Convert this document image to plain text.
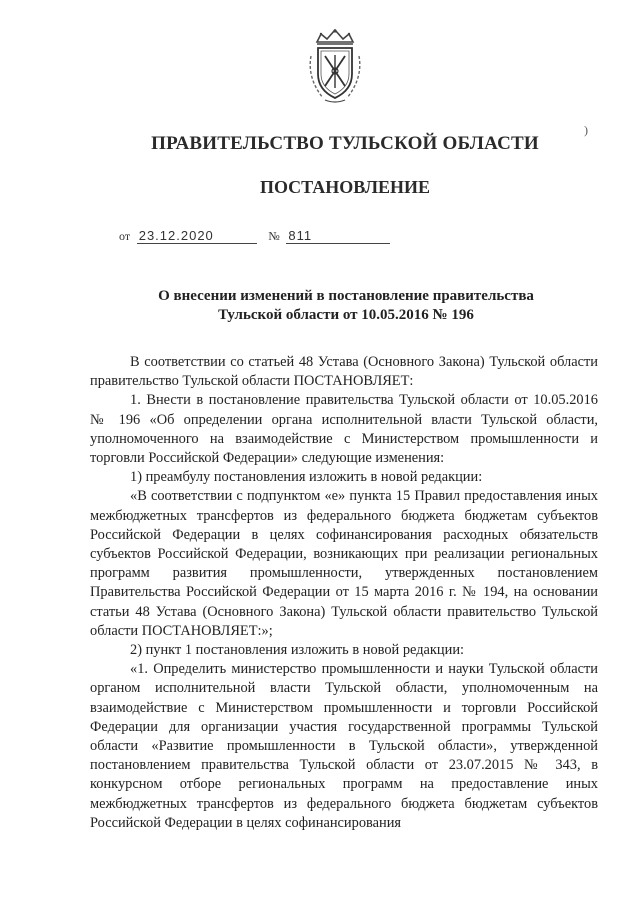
ПРАВИТЕЛЬСТВО ТУЛЬСКОЙ ОБЛАСТИ
)
ПОСТАНОВЛЕНИЕ
от 23.12.2020	№ 811
О внесении изменений в постановление правительства
Тульской области от 10.05.2016 № 196

В соответствии со статьей 48 Устава (Основного Закона) Тульской области правительство Тульской области ПОСТАНОВЛЯЕТ:

1. Внести в постановление правительства Тульской области от 10.05.2016 № 196 «Об определении органа исполнительной власти Тульской области, уполномоченного на взаимодействие с Министерством промышленности и торговли Российской Федерации» следующие изменения:

1) преамбулу постановления изложить в новой редакции:

«В соответствии с подпунктом «е» пункта 15 Правил предоставления иных межбюджетных трансфертов из федерального бюджета бюджетам субъектов Российской Федерации в целях софинансирования расходных обязательств субъектов Российской Федерации, возникающих при реализации региональных программ развития промышленности, утвержденных постановлением Правительства Российской Федерации от 15 марта 2016 г. № 194, на основании статьи 48 Устава (Основного Закона) Тульской области правительство Тульской области ПОСТАНОВЛЯЕТ:»;

2) пункт 1 постановления изложить в новой редакции:

«1. Определить министерство промышленности и науки Тульской области органом исполнительной власти Тульской области, уполномоченным на взаимодействие с Министерством промышленности и торговли Российской Федерации для организации участия государственной программы Тульской области «Развитие промышленности в Тульской области», утвержденной постановлением правительства Тульской области от 23.07.2015 № 343, в конкурсном отборе региональных программ на предоставление иных межбюджетных трансфертов из федерального бюджета бюджетам субъектов Российской Федерации в целях софинансирования
